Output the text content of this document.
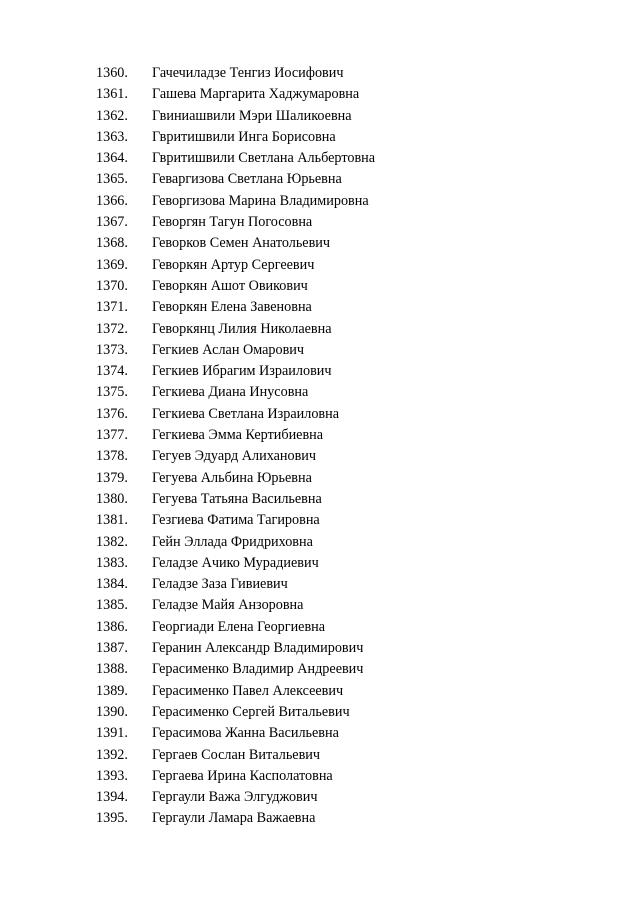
1360.	Гачечиладзе Тенгиз Иосифович
1361.	Гашева Маргарита Хаджумаровна
1362.	Гвиниашвили Мэри Шаликоевна
1363.	Гвритишвили Инга Борисовна
1364.	Гвритишвили Светлана Альбертовна
1365.	Геваргизова Светлана Юрьевна
1366.	Геворгизова Марина Владимировна
1367.	Геворгян Тагун Погосовна
1368.	Геворков Семен Анатольевич
1369.	Геворкян Артур Сергеевич
1370.	Геворкян Ашот Овикович
1371.	Геворкян Елена Завеновна
1372.	Геворкянц Лилия Николаевна
1373.	Гегкиев Аслан Омарович
1374.	Гегкиев Ибрагим Израилович
1375.	Гегкиева Диана Инусовна
1376.	Гегкиева Светлана Израиловна
1377.	Гегкиева Эмма Кертибиевна
1378.	Гегуев Эдуард Алиханович
1379.	Гегуева Альбина Юрьевна
1380.	Гегуева Татьяна Васильевна
1381.	Гезгиева Фатима Тагировна
1382.	Гейн Эллада Фридриховна
1383.	Геладзе Ачико Мурадиевич
1384.	Геладзе Заза Гивиевич
1385.	Геладзе Майя Анзоровна
1386.	Георгиади Елена Георгиевна
1387.	Геранин Александр Владимирович
1388.	Герасименко Владимир Андреевич
1389.	Герасименко Павел Алексеевич
1390.	Герасименко Сергей Витальевич
1391.	Герасимова Жанна Васильевна
1392.	Гергаев Сослан Витальевич
1393.	Гергаева Ирина Касполатовна
1394.	Гергаули Важа Элгуджович
1395.	Гергаули Ламара Важаевна
